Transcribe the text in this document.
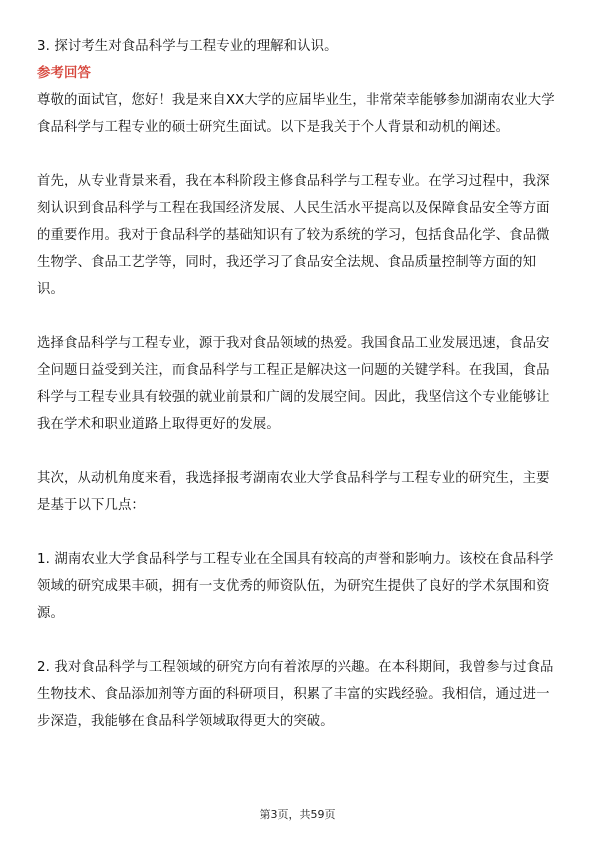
3. 探讨考生对食品科学与工程专业的理解和认识。

参考回答

尊敬的面试官，您好！我是来自XX大学的应届毕业生，非常荣幸能够参加湖南农业大学食品科学与工程专业的硕士研究生面试。以下是我关于个人背景和动机的阐述。

首先，从专业背景来看，我在本科阶段主修食品科学与工程专业。在学习过程中，我深刻认识到食品科学与工程在我国经济发展、人民生活水平提高以及保障食品安全等方面的重要作用。我对于食品科学的基础知识有了较为系统的学习，包括食品化学、食品微生物学、食品工艺学等，同时，我还学习了食品安全法规、食品质量控制等方面的知识。

选择食品科学与工程专业，源于我对食品领域的热爱。我国食品工业发展迅速，食品安全问题日益受到关注，而食品科学与工程正是解决这一问题的关键学科。在我国，食品科学与工程专业具有较强的就业前景和广阔的发展空间。因此，我坚信这个专业能够让我在学术和职业道路上取得更好的发展。

其次，从动机角度来看，我选择报考湖南农业大学食品科学与工程专业的研究生，主要是基于以下几点：

1. 湖南农业大学食品科学与工程专业在全国具有较高的声誉和影响力。该校在食品科学领域的研究成果丰硕，拥有一支优秀的师资队伍，为研究生提供了良好的学术氛围和资源。

2. 我对食品科学与工程领域的研究方向有着浓厚的兴趣。在本科期间，我曾参与过食品生物技术、食品添加剂等方面的科研项目，积累了丰富的实践经验。我相信，通过进一步深造，我能够在食品科学领域取得更大的突破。

第3页，共59页
